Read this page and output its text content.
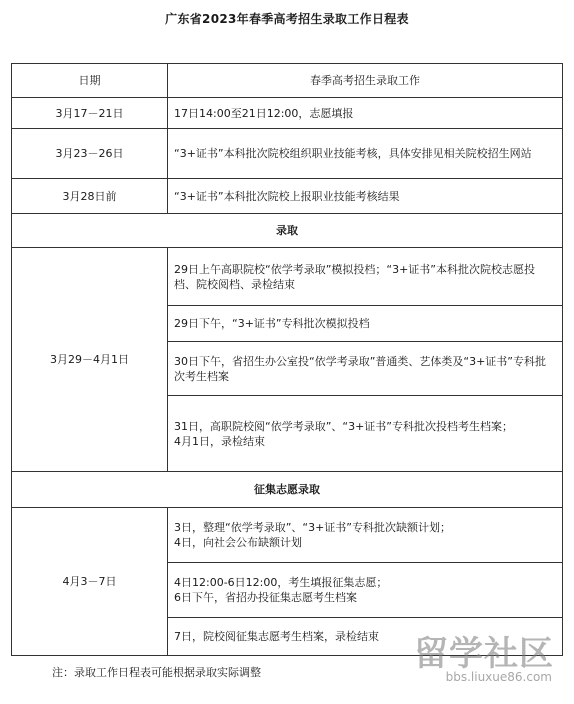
广东省2023年春季高考招生录取工作日程表
日期	春季高考招生录取工作
3月17－21日	17日14:00至21日12:00，志愿填报

3月23－26日	“3+证书”本科批次院校组织职业技能考核，具体安排见相关院校招生网站

3月28日前	“3+证书”本科批次院校上报职业技能考核结果

录取	
3月29－4月1日	29日上午高职院校“依学考录取”模拟投档；“3+证书”本科批次院校志愿投档、院校阅档、录检结束

	29日下午，“3+证书”专科批次模拟投档

	30日下午，省招生办公室投“依学考录取”普通类、艺体类及“3+证书”专科批次考生档案

	31日，高职院校阅“依学考录取”、“3+证书”专科批次投档考生档案；
4月1日，录检结束

征集志愿录取	
4月3－7日	3日，整理“依学考录取”、“3+证书”专科批次缺额计划；
4日，向社会公布缺额计划

	4日12:00-6日12:00，考生填报征集志愿；
6日下午，省招办投征集志愿考生档案

	7日，院校阅征集志愿考生档案，录检结束
注：录取工作日程表可能根据录取实际调整	留学社区
bbs.liuxue86.com
